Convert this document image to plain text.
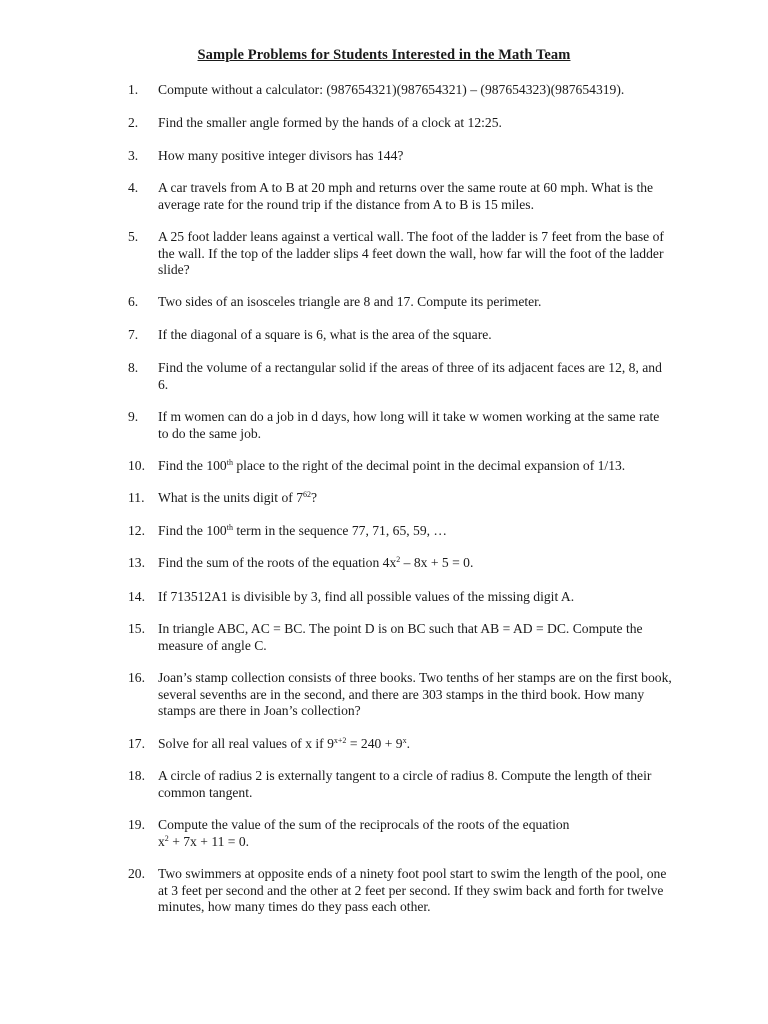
Sample Problems for Students Interested in the Math Team
1.	Compute without a calculator: (987654321)(987654321) – (987654323)(987654319).
2.	Find the smaller angle formed by the hands of a clock at 12:25.
3.	How many positive integer divisors has 144?
4.	A car travels from A to B at 20 mph and returns over the same route at 60 mph. What is the average rate for the round trip if the distance from A to B is 15 miles.
5.	A 25 foot ladder leans against a vertical wall. The foot of the ladder is 7 feet from the base of the wall. If the top of the ladder slips 4 feet down the wall, how far will the foot of the ladder slide?
6.	Two sides of an isosceles triangle are 8 and 17. Compute its perimeter.
7.	If the diagonal of a square is 6, what is the area of the square.
8.	Find the volume of a rectangular solid if the areas of three of its adjacent faces are 12, 8, and 6.
9.	If m women can do a job in d days, how long will it take w women working at the same rate to do the same job.
10. Find the 100th place to the right of the decimal point in the decimal expansion of 1/13.
11. What is the units digit of $7^{62}$?
12. Find the 100th term in the sequence 77, 71, 65, 59, …
13. Find the sum of the roots of the equation $4x^2 - 8x + 5 = 0$.
14. If 713512A1 is divisible by 3, find all possible values of the missing digit A.
15. In triangle ABC, AC = BC. The point D is on BC such that AB = AD = DC. Compute the measure of angle C.
16. Joan’s stamp collection consists of three books. Two tenths of her stamps are on the first book, several sevenths are in the second, and there are 303 stamps in the third book. How many stamps are there in Joan’s collection?
17. Solve for all real values of x if $9^{x+2} = 240 + 9^x$.
18. A circle of radius 2 is externally tangent to a circle of radius 8. Compute the length of their common tangent.
19. Compute the value of the sum of the reciprocals of the roots of the equation
$x^2 + 7x + 11 = 0$.
20. Two swimmers at opposite ends of a ninety foot pool start to swim the length of the pool, one at 3 feet per second and the other at 2 feet per second. If they swim back and forth for twelve minutes, how many times do they pass each other.
